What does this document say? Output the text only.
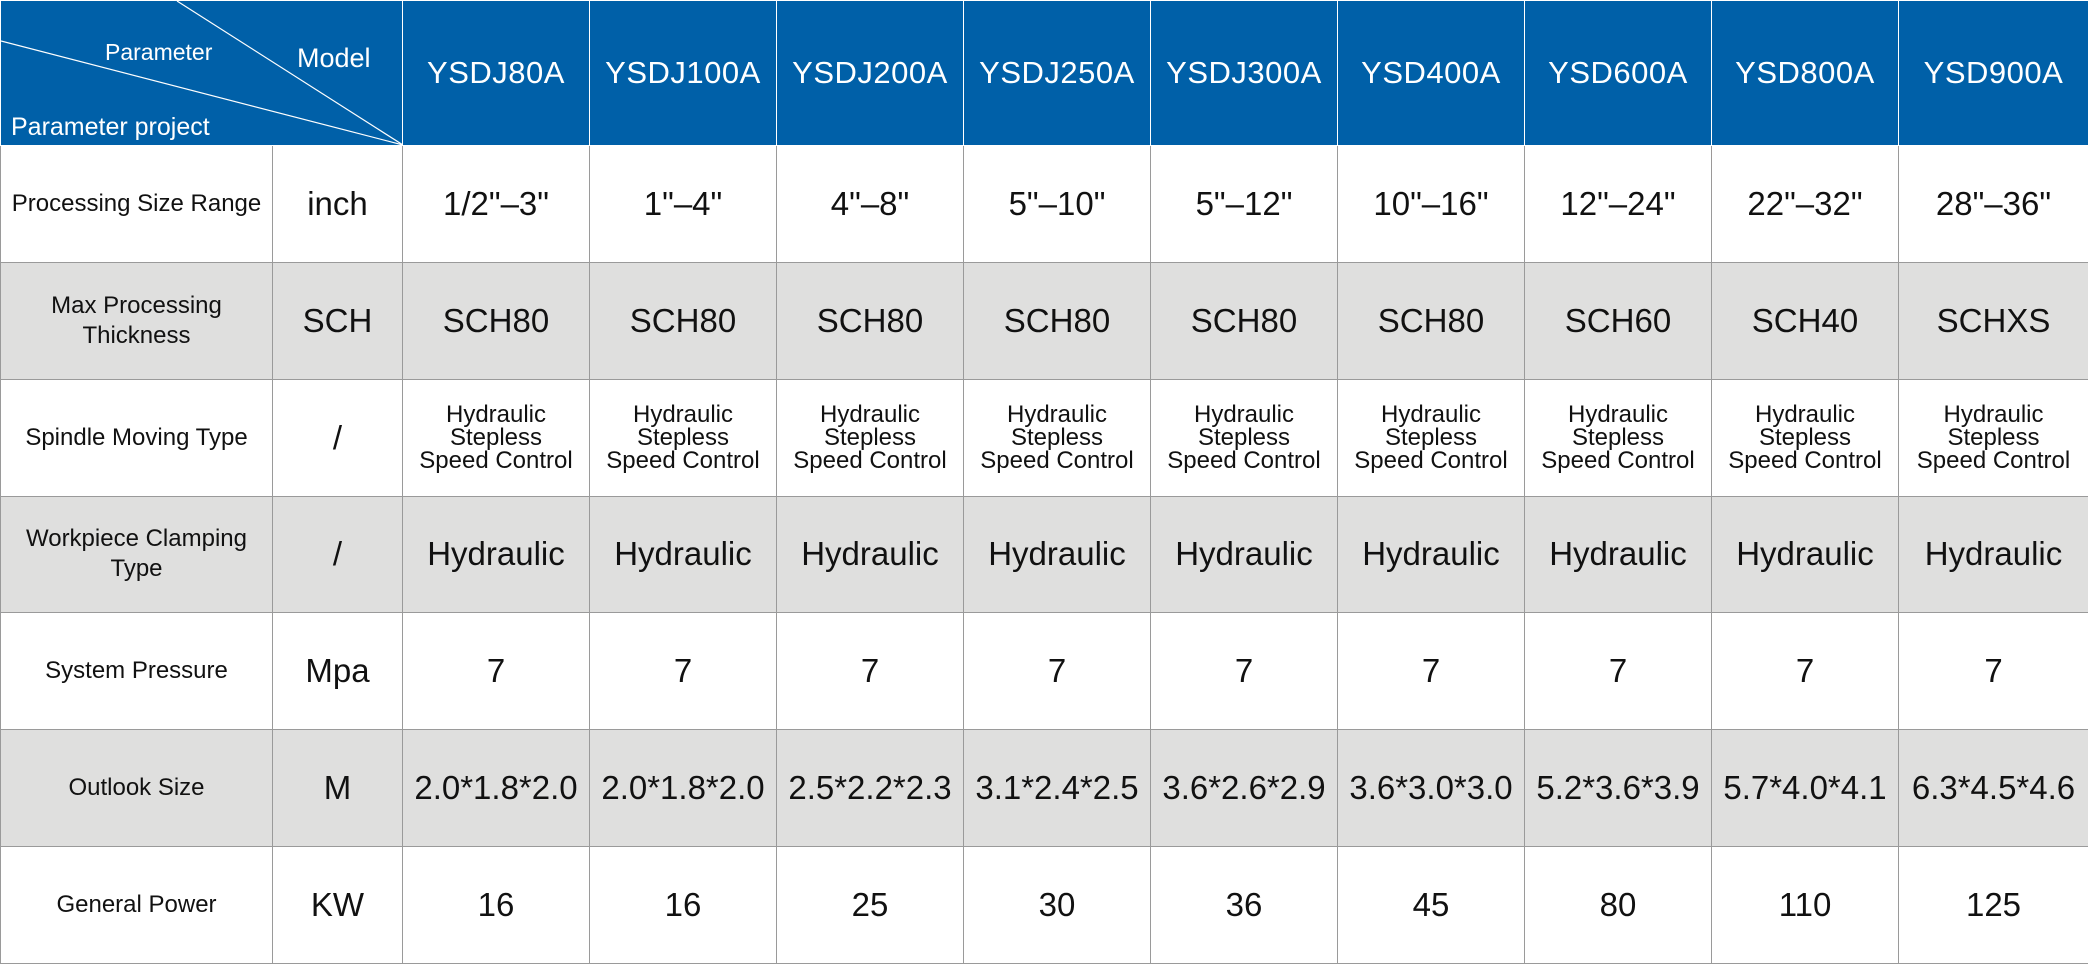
Parameter Model
Parameter project		YSDJ80A	YSDJ100A	YSDJ200A	YSDJ250A	YSDJ300A	YSD400A	YSD600A	YSD800A	YSD900A
Processing Size Range	inch	1/2"–3"	1"–4"	4"–8"	5"–10"	5"–12"	10"–16"	12"–24"	22"–32"	28"–36"
Max Processing Thickness	SCH	SCH80	SCH80	SCH80	SCH80	SCH80	SCH80	SCH60	SCH40	SCHXS
Spindle Moving Type	/	Hydraulic
Stepless
Speed Control	Hydraulic
Stepless
Speed Control	Hydraulic
Stepless
Speed Control	Hydraulic
Stepless
Speed Control	Hydraulic
Stepless
Speed Control	Hydraulic
Stepless
Speed Control	Hydraulic
Stepless
Speed Control	Hydraulic
Stepless
Speed Control	Hydraulic
Stepless
Speed Control
Workpiece Clamping Type	/	Hydraulic	Hydraulic	Hydraulic	Hydraulic	Hydraulic	Hydraulic	Hydraulic	Hydraulic	Hydraulic
System Pressure	Mpa	7	7	7	7	7	7	7	7	7
Outlook Size	M	2.0*1.8*2.0	2.0*1.8*2.0	2.5*2.2*2.3	3.1*2.4*2.5	3.6*2.6*2.9	3.6*3.0*3.0	5.2*3.6*3.9	5.7*4.0*4.1	6.3*4.5*4.6
General Power	KW	16	16	25	30	36	45	80	110	125
